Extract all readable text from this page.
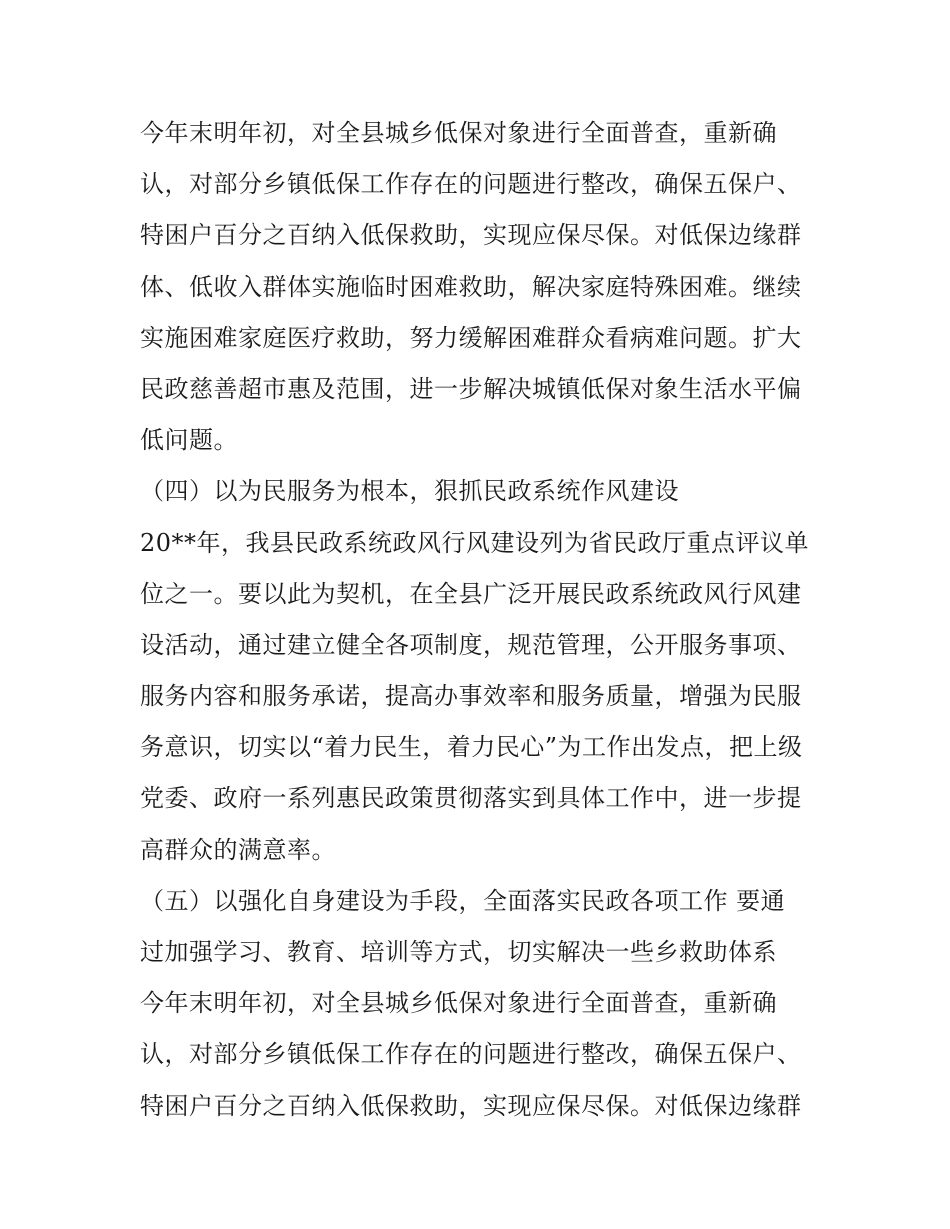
今年末明年初，对全县城乡低保对象进行全面普查，重新确
认，对部分乡镇低保工作存在的问题进行整改，确保五保户、
特困户百分之百纳入低保救助，实现应保尽保。对低保边缘群
体、低收入群体实施临时困难救助，解决家庭特殊困难。继续
实施困难家庭医疗救助，努力缓解困难群众看病难问题。扩大
民政慈善超市惠及范围，进一步解决城镇低保对象生活水平偏
低问题。
（四）以为民服务为根本，狠抓民政系统作风建设
20**年，我县民政系统政风行风建设列为省民政厅重点评议单
位之一。要以此为契机，在全县广泛开展民政系统政风行风建
设活动，通过建立健全各项制度，规范管理，公开服务事项、
服务内容和服务承诺，提高办事效率和服务质量，增强为民服
务意识，切实以“着力民生，着力民心”为工作出发点，把上级
党委、政府一系列惠民政策贯彻落实到具体工作中，进一步提
高群众的满意率。
（五）以强化自身建设为手段，全面落实民政各项工作 要通
过加强学习、教育、培训等方式，切实解决一些乡救助体系
今年末明年初，对全县城乡低保对象进行全面普查，重新确
认，对部分乡镇低保工作存在的问题进行整改，确保五保户、
特困户百分之百纳入低保救助，实现应保尽保。对低保边缘群
